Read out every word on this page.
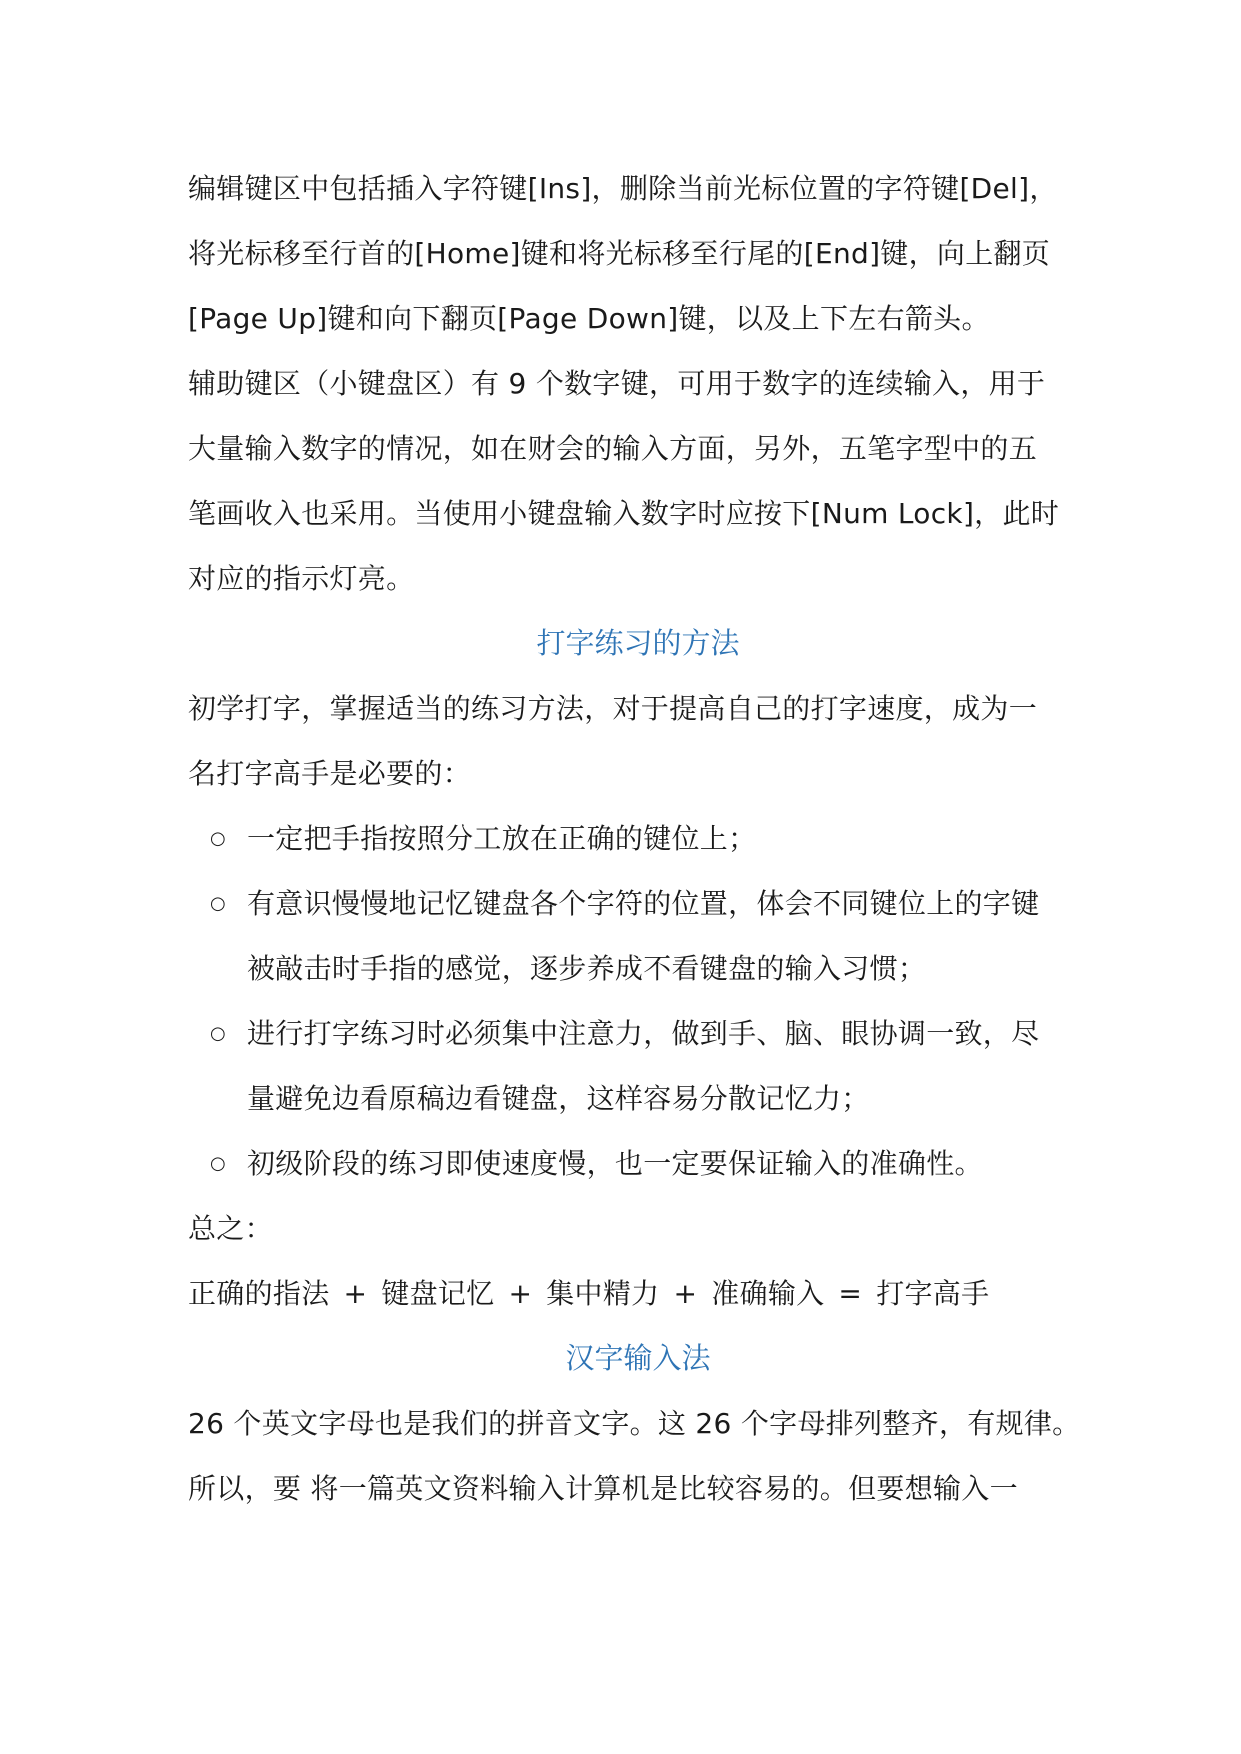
编辑键区中包括插入字符键[Ins]，删除当前光标位置的字符键[Del]，
将光标移至行首的[Home]键和将光标移至行尾的[End]键，向上翻页
[Page Up]键和向下翻页[Page Down]键，以及上下左右箭头。
辅助键区（小键盘区）有 9 个数字键，可用于数字的连续输入，用于
大量输入数字的情况，如在财会的输入方面，另外，五笔字型中的五
笔画收入也采用。当使用小键盘输入数字时应按下[Num Lock]，此时
对应的指示灯亮。
打字练习的方法
初学打字，掌握适当的练习方法，对于提高自己的打字速度，成为一
名打字高手是必要的：
○ 一定把手指按照分工放在正确的键位上；
○ 有意识慢慢地记忆键盘各个字符的位置，体会不同键位上的字键
被敲击时手指的感觉，逐步养成不看键盘的输入习惯；
○ 进行打字练习时必须集中注意力，做到手、脑、眼协调一致，尽
量避免边看原稿边看键盘，这样容易分散记忆力；
○ 初级阶段的练习即使速度慢，也一定要保证输入的准确性。
总之：
正确的指法 + 键盘记忆 + 集中精力 + 准确输入 = 打字高手
汉字输入法
26 个英文字母也是我们的拼音文字。这 26 个字母排列整齐，有规律。
所以，要 将一篇英文资料输入计算机是比较容易的。但要想输入一
